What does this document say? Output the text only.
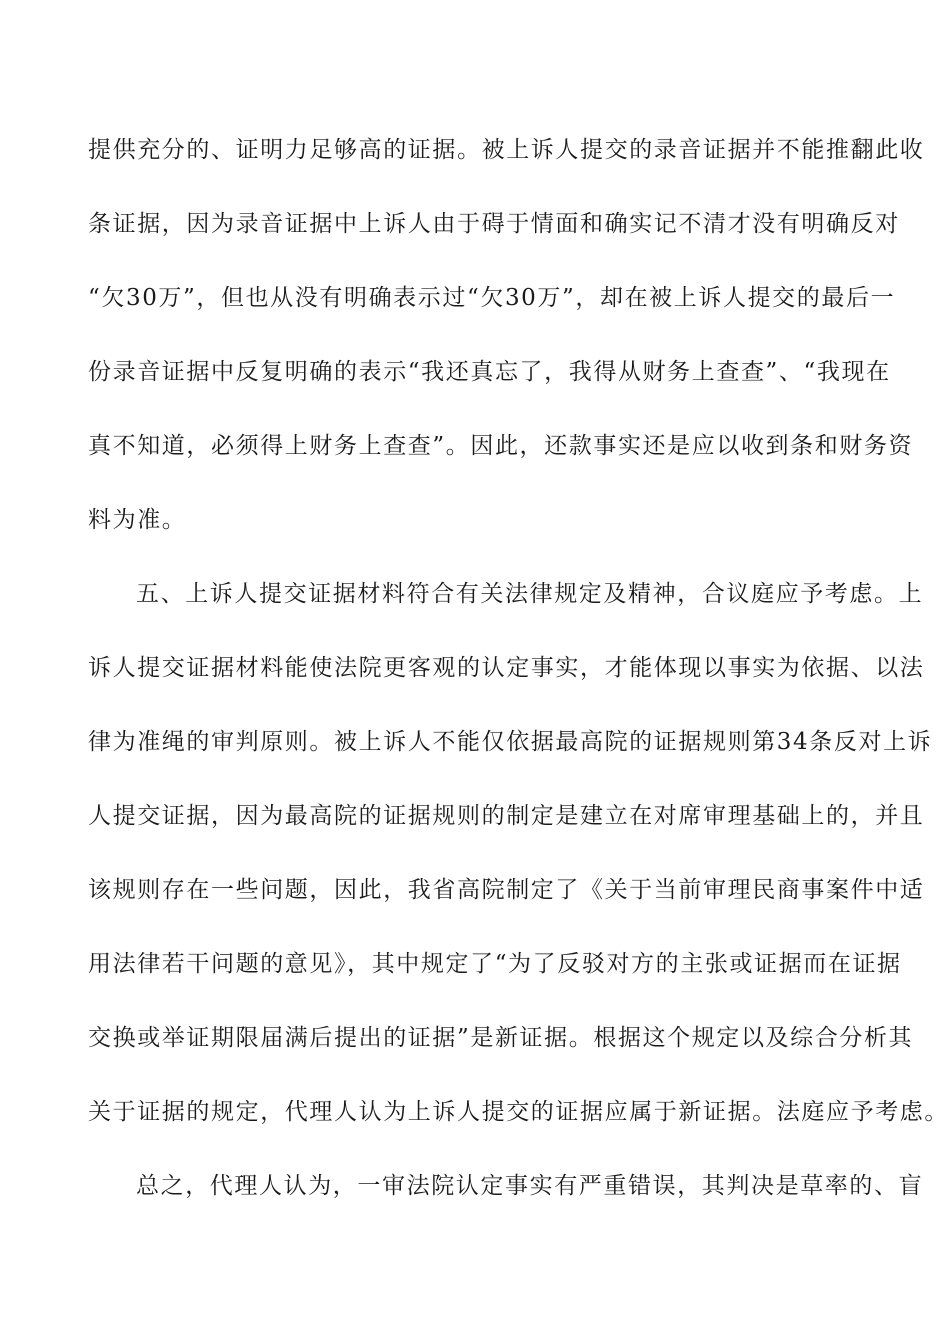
提供充分的、证明力足够高的证据。被上诉人提交的录音证据并不能推翻此收
条证据，因为录音证据中上诉人由于碍于情面和确实记不清才没有明确反对
“欠30万”，但也从没有明确表示过“欠30万”，却在被上诉人提交的最后一
份录音证据中反复明确的表示“我还真忘了，我得从财务上查查”、“我现在
真不知道，必须得上财务上查查”。因此，还款事实还是应以收到条和财务资
料为准。
五、上诉人提交证据材料符合有关法律规定及精神，合议庭应予考虑。上
诉人提交证据材料能使法院更客观的认定事实，才能体现以事实为依据、以法
律为准绳的审判原则。被上诉人不能仅依据最高院的证据规则第34条反对上诉
人提交证据，因为最高院的证据规则的制定是建立在对席审理基础上的，并且
该规则存在一些问题，因此，我省高院制定了《关于当前审理民商事案件中适
用法律若干问题的意见》，其中规定了“为了反驳对方的主张或证据而在证据
交换或举证期限届满后提出的证据”是新证据。根据这个规定以及综合分析其
关于证据的规定，代理人认为上诉人提交的证据应属于新证据。法庭应予考虑。
总之，代理人认为，一审法院认定事实有严重错误，其判决是草率的、盲
